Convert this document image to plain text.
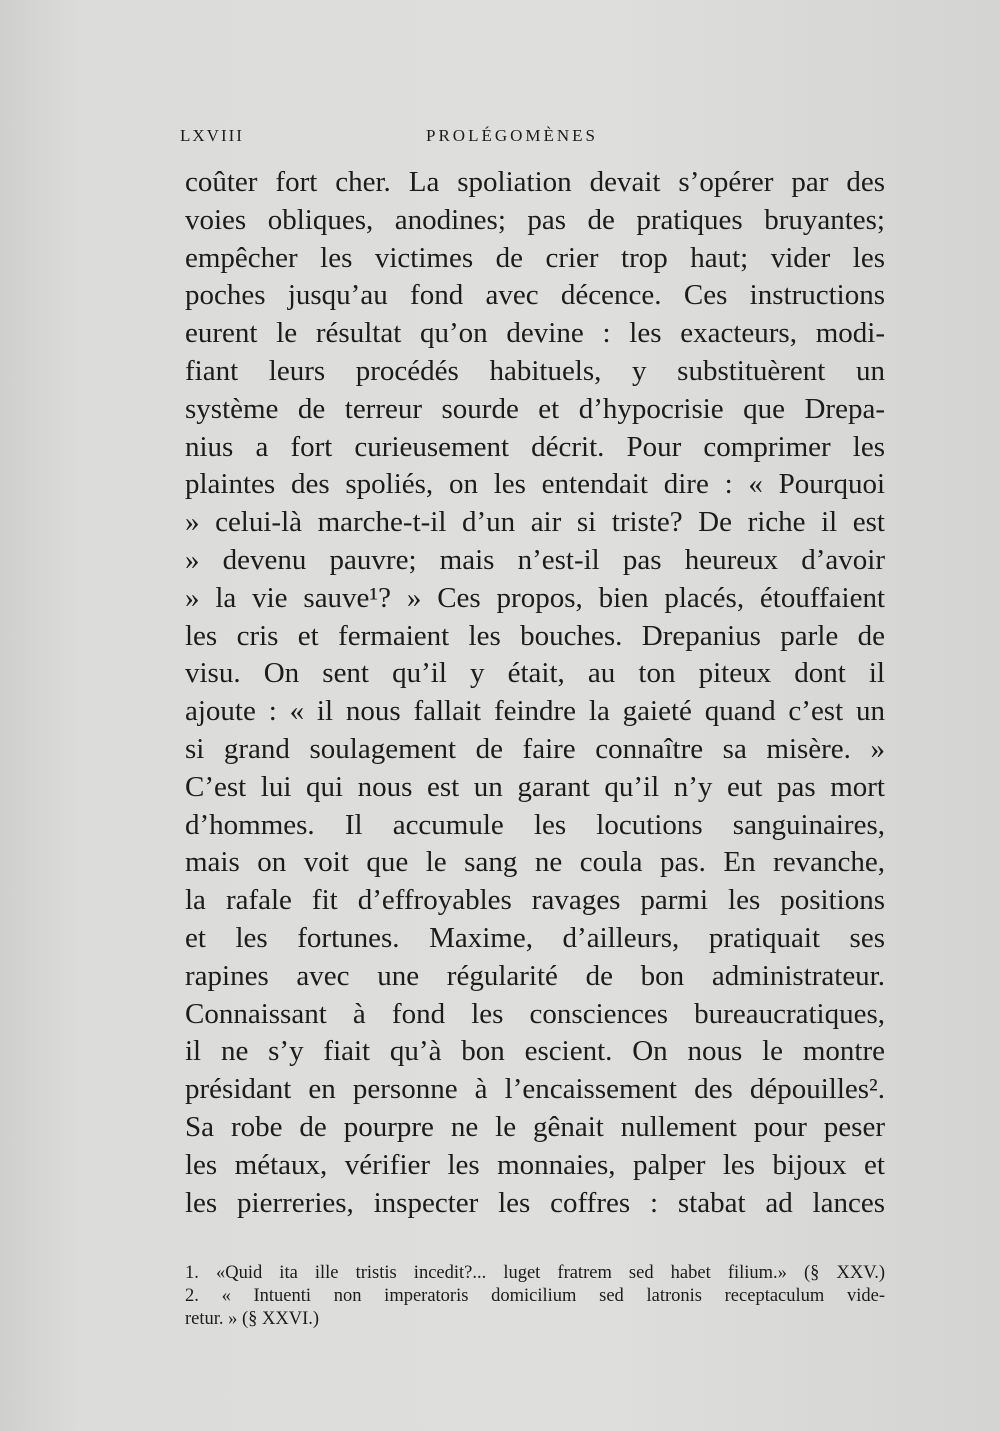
LXVIII	PROLÉGOMÈNES
coûter fort cher. La spoliation devait s’opérer par des
voies obliques, anodines; pas de pratiques bruyantes;
empêcher les victimes de crier trop haut; vider les
poches jusqu’au fond avec décence. Ces instructions
eurent le résultat qu’on devine : les exacteurs, modi-
fiant leurs procédés habituels, y substituèrent un
système de terreur sourde et d’hypocrisie que Drepa-
nius a fort curieusement décrit. Pour comprimer les
plaintes des spoliés, on les entendait dire : « Pourquoi
» celui-là marche-t-il d’un air si triste? De riche il est
» devenu pauvre; mais n’est-il pas heureux d’avoir
» la vie sauve¹? » Ces propos, bien placés, étouffaient
les cris et fermaient les bouches. Drepanius parle de
visu. On sent qu’il y était, au ton piteux dont il
ajoute : « il nous fallait feindre la gaieté quand c’est un
si grand soulagement de faire connaître sa misère. »
C’est lui qui nous est un garant qu’il n’y eut pas mort
d’hommes. Il accumule les locutions sanguinaires,
mais on voit que le sang ne coula pas. En revanche,
la rafale fit d’effroyables ravages parmi les positions
et les fortunes. Maxime, d’ailleurs, pratiquait ses
rapines avec une régularité de bon administrateur.
Connaissant à fond les consciences bureaucratiques,
il ne s’y fiait qu’à bon escient. On nous le montre
présidant en personne à l’encaissement des dépouilles².
Sa robe de pourpre ne le gênait nullement pour peser
les métaux, vérifier les monnaies, palper les bijoux et
les pierreries, inspecter les coffres : stabat ad lances
1. «Quid ita ille tristis incedit?... luget fratrem sed habet filium.» (§ XXV.)
2. « Intuenti non imperatoris domicilium sed latronis receptaculum vide-
retur. » (§ XXVI.)
